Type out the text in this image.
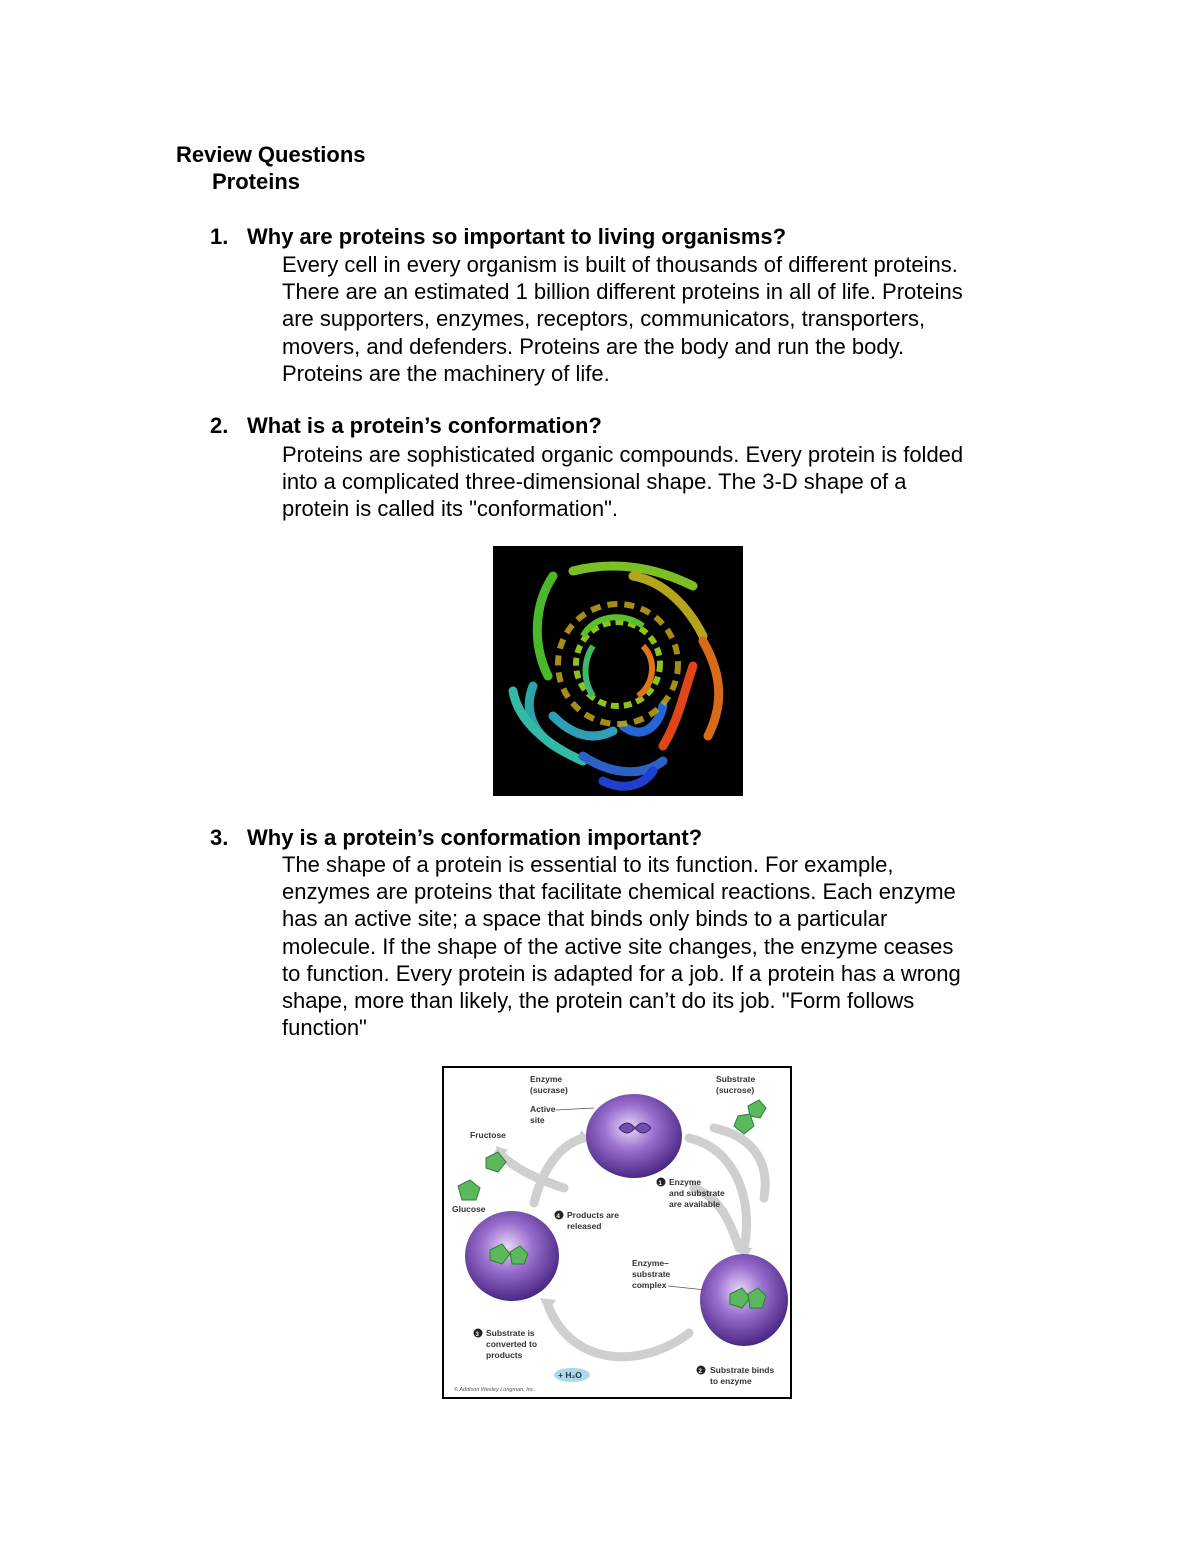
Review Questions
Proteins
1. Why are proteins so important to living organisms?
Every cell in every organism is built of thousands of different proteins.
There are an estimated 1 billion different proteins in all of life. Proteins
are supporters, enzymes, receptors, communicators, transporters,
movers, and defenders. Proteins are the body and run the body.
Proteins are the machinery of life.
2. What is a protein’s conformation?
Proteins are sophisticated organic compounds. Every protein is folded
into a complicated three-dimensional shape. The 3-D shape of a
protein is called its "conformation".
3. Why is a protein’s conformation important?
The shape of a protein is essential to its function. For example,
enzymes are proteins that facilitate chemical reactions. Each enzyme
has an active site; a space that binds only binds to a particular
molecule. If the shape of the active site changes, the enzyme ceases
to function. Every protein is adapted for a job. If a protein has a wrong
shape, more than likely, the protein can’t do its job. "Form follows
function"
Enzyme
(sucrase)
Active
site
Substrate
(sucrose)
Fructose
Glucose
1 Enzyme
and substrate
are available
4 Products are
released
Enzyme–
substrate
complex
3 Substrate is
converted to
products
+ H₂O	2 Substrate binds
to enzyme
© Addison Wesley Longman, Inc.
